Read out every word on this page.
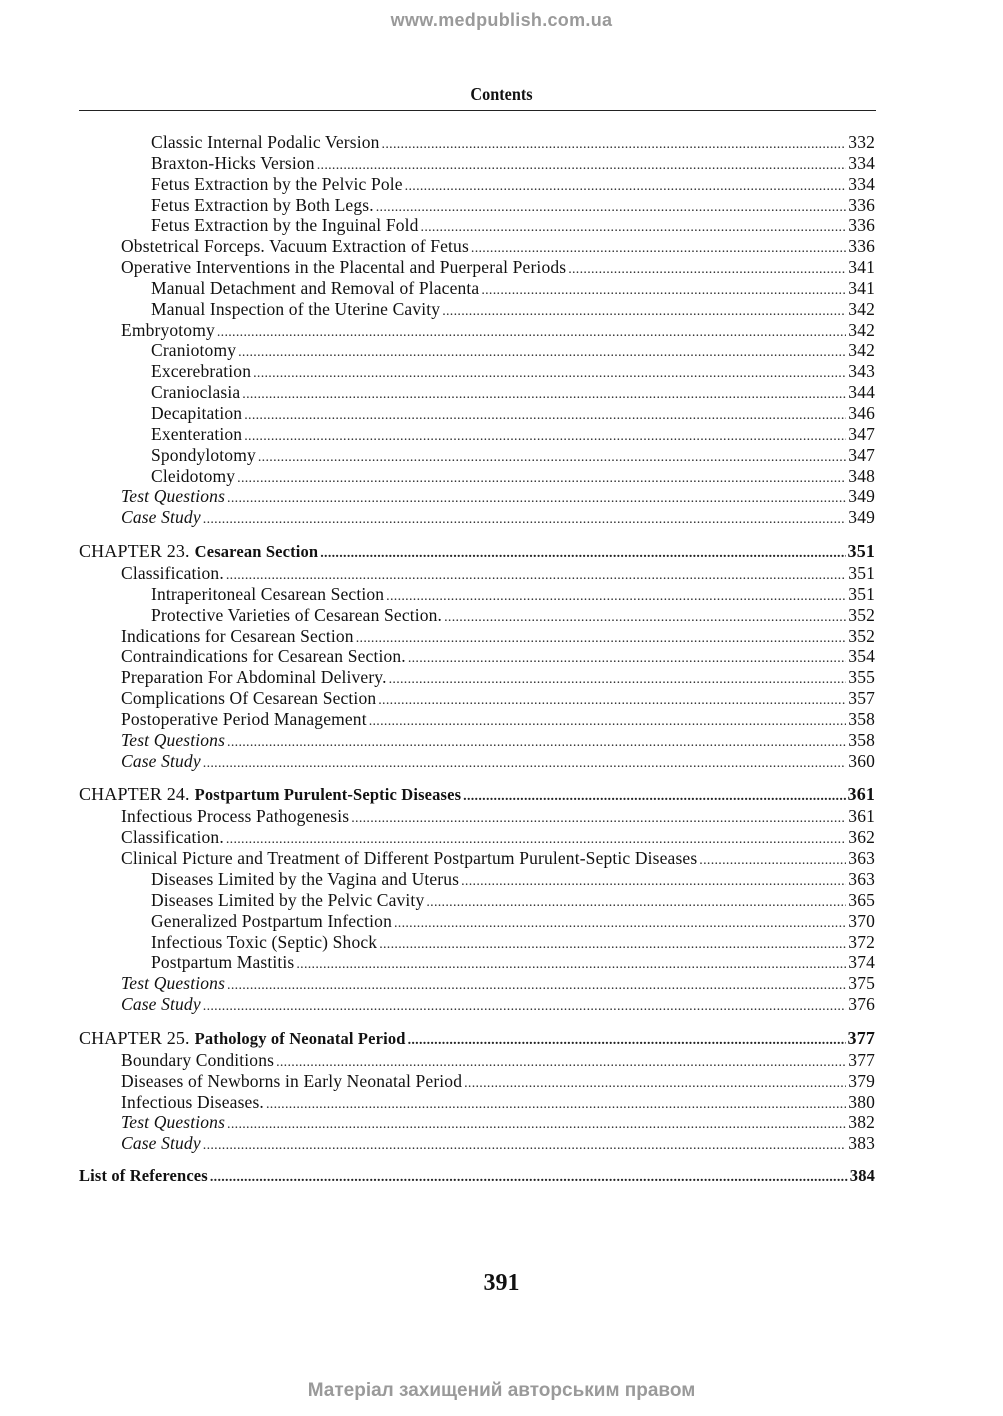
www.medpublish.com.ua
Contents
Classic Internal Podalic Version . . .	332
Braxton-Hicks Version . . .	334
Fetus Extraction by the Pelvic Pole . . .	334
Fetus Extraction by Both Legs. . . .	336
Fetus Extraction by the Inguinal Fold . . .	336
Obstetrical Forceps. Vacuum Extraction of Fetus . . .	336
Operative Interventions in the Placental and Puerperal Periods . . .	341
Manual Detachment and Removal of Placenta . . .	341
Manual Inspection of the Uterine Cavity . . .	342
Embryotomy . . .	342
Craniotomy . . .	342
Excerebration . . .	343
Cranioclasia . . .	344
Decapitation . . .	346
Exenteration . . .	347
Spondylotomy . . .	347
Cleidotomy . . .	348
Test Questions . . .	349
Case Study . . .	349
CHAPTER 23. Cesarean Section . . .	351
Classification. . . .	351
Intraperitoneal Cesarean Section . . .	351
Protective Varieties of Cesarean Section. . . .	352
Indications for Cesarean Section . . .	352
Contraindications for Cesarean Section. . . .	354
Preparation For Abdominal Delivery. . . .	355
Complications Of Cesarean Section . . .	357
Postoperative Period Management . . .	358
Test Questions . . .	358
Case Study . . .	360
CHAPTER 24. Postpartum Purulent-Septic Diseases . . .	361
Infectious Process Pathogenesis . . .	361
Classification. . . .	362
Clinical Picture and Treatment of Different Postpartum Purulent-Septic Diseases . . .	363
Diseases Limited by the Vagina and Uterus . . .	363
Diseases Limited by the Pelvic Cavity . . .	365
Generalized Postpartum Infection . . .	370
Infectious Toxic (Septic) Shock . . .	372
Postpartum Mastitis . . .	374
Test Questions . . .	375
Case Study . . .	376
CHAPTER 25. Pathology of Neonatal Period . . .	377
Boundary Conditions . . .	377
Diseases of Newborns in Early Neonatal Period . . .	379
Infectious Diseases. . . .	380
Test Questions . . .	382
Case Study . . .	383
List of References . . .	384
391
Матеріал захищений авторським правом
